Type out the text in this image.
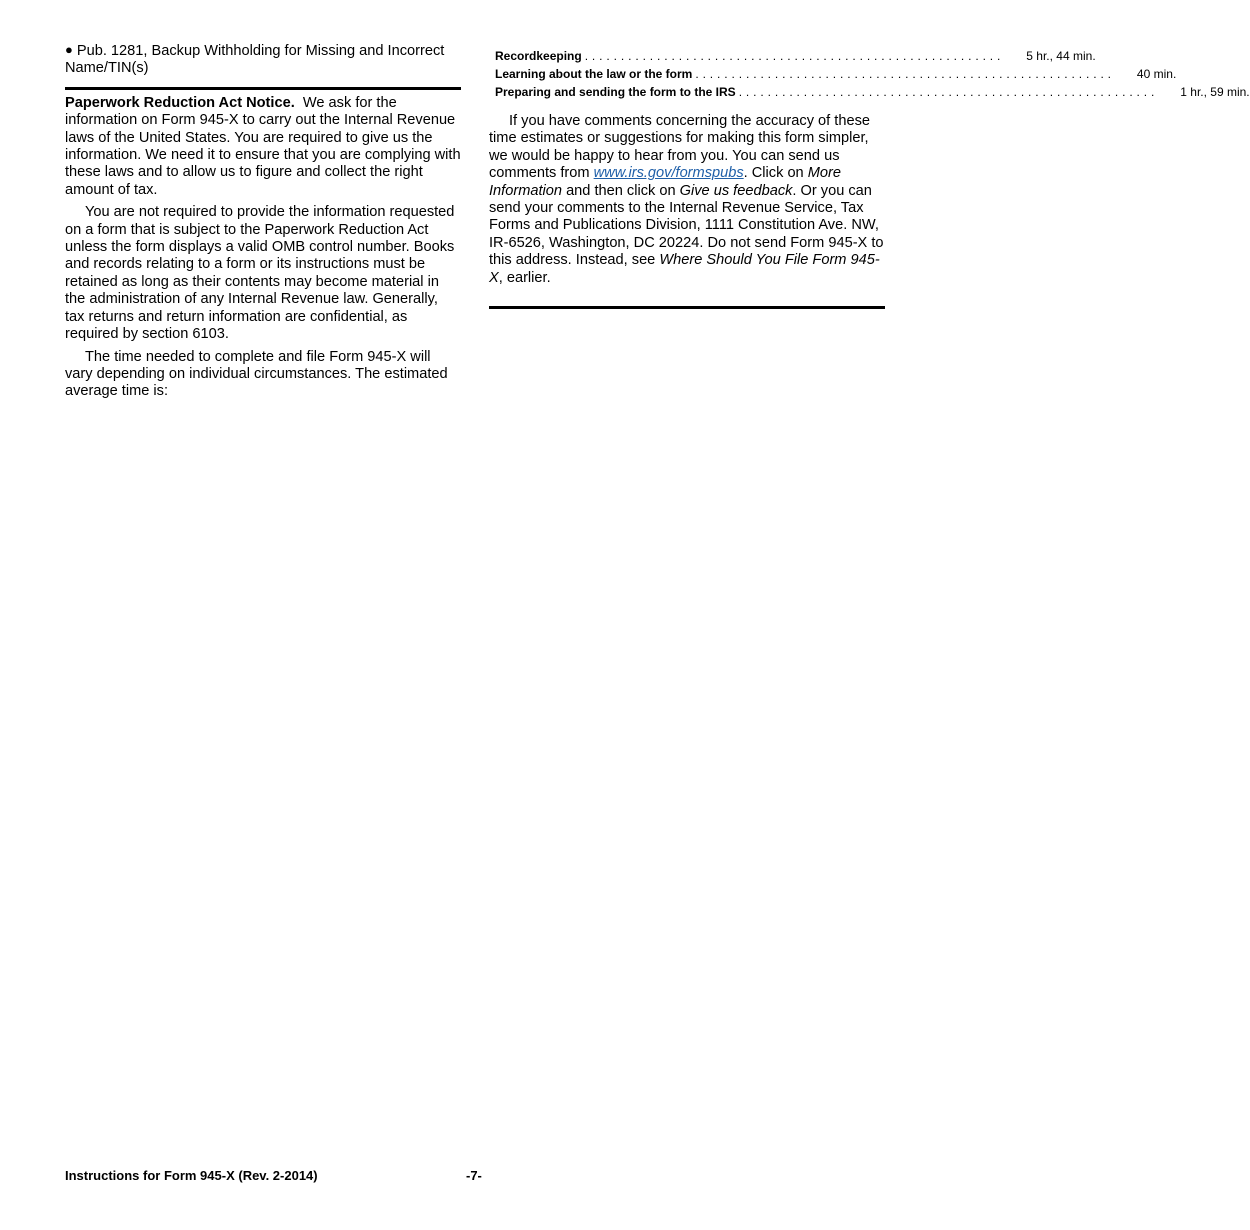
● Pub. 1281, Backup Withholding for Missing and Incorrect Name/TIN(s)

Paperwork Reduction Act Notice. We ask for the information on Form 945-X to carry out the Internal Revenue laws of the United States. You are required to give us the information. We need it to ensure that you are complying with these laws and to allow us to figure and collect the right amount of tax.

You are not required to provide the information requested on a form that is subject to the Paperwork Reduction Act unless the form displays a valid OMB control number. Books and records relating to a form or its instructions must be retained as long as their contents may become material in the administration of any Internal Revenue law. Generally, tax returns and return information are confidential, as required by section 6103.

The time needed to complete and file Form 945-X will vary depending on individual circumstances. The estimated average time is:

Recordkeeping .......................................................... 5 hr., 44 min.
Learning about the law or the form .......................................................... 40 min.
Preparing and sending the form to the IRS .......................................................... 1 hr., 59 min.

If you have comments concerning the accuracy of these time estimates or suggestions for making this form simpler, we would be happy to hear from you. You can send us comments from www.irs.gov/formspubs. Click on More Information and then click on Give us feedback. Or you can send your comments to the Internal Revenue Service, Tax Forms and Publications Division, 1111 Constitution Ave. NW, IR-6526, Washington, DC 20224. Do not send Form 945-X to this address. Instead, see Where Should You File Form 945-X, earlier.

Instructions for Form 945-X (Rev. 2-2014)	-7-
